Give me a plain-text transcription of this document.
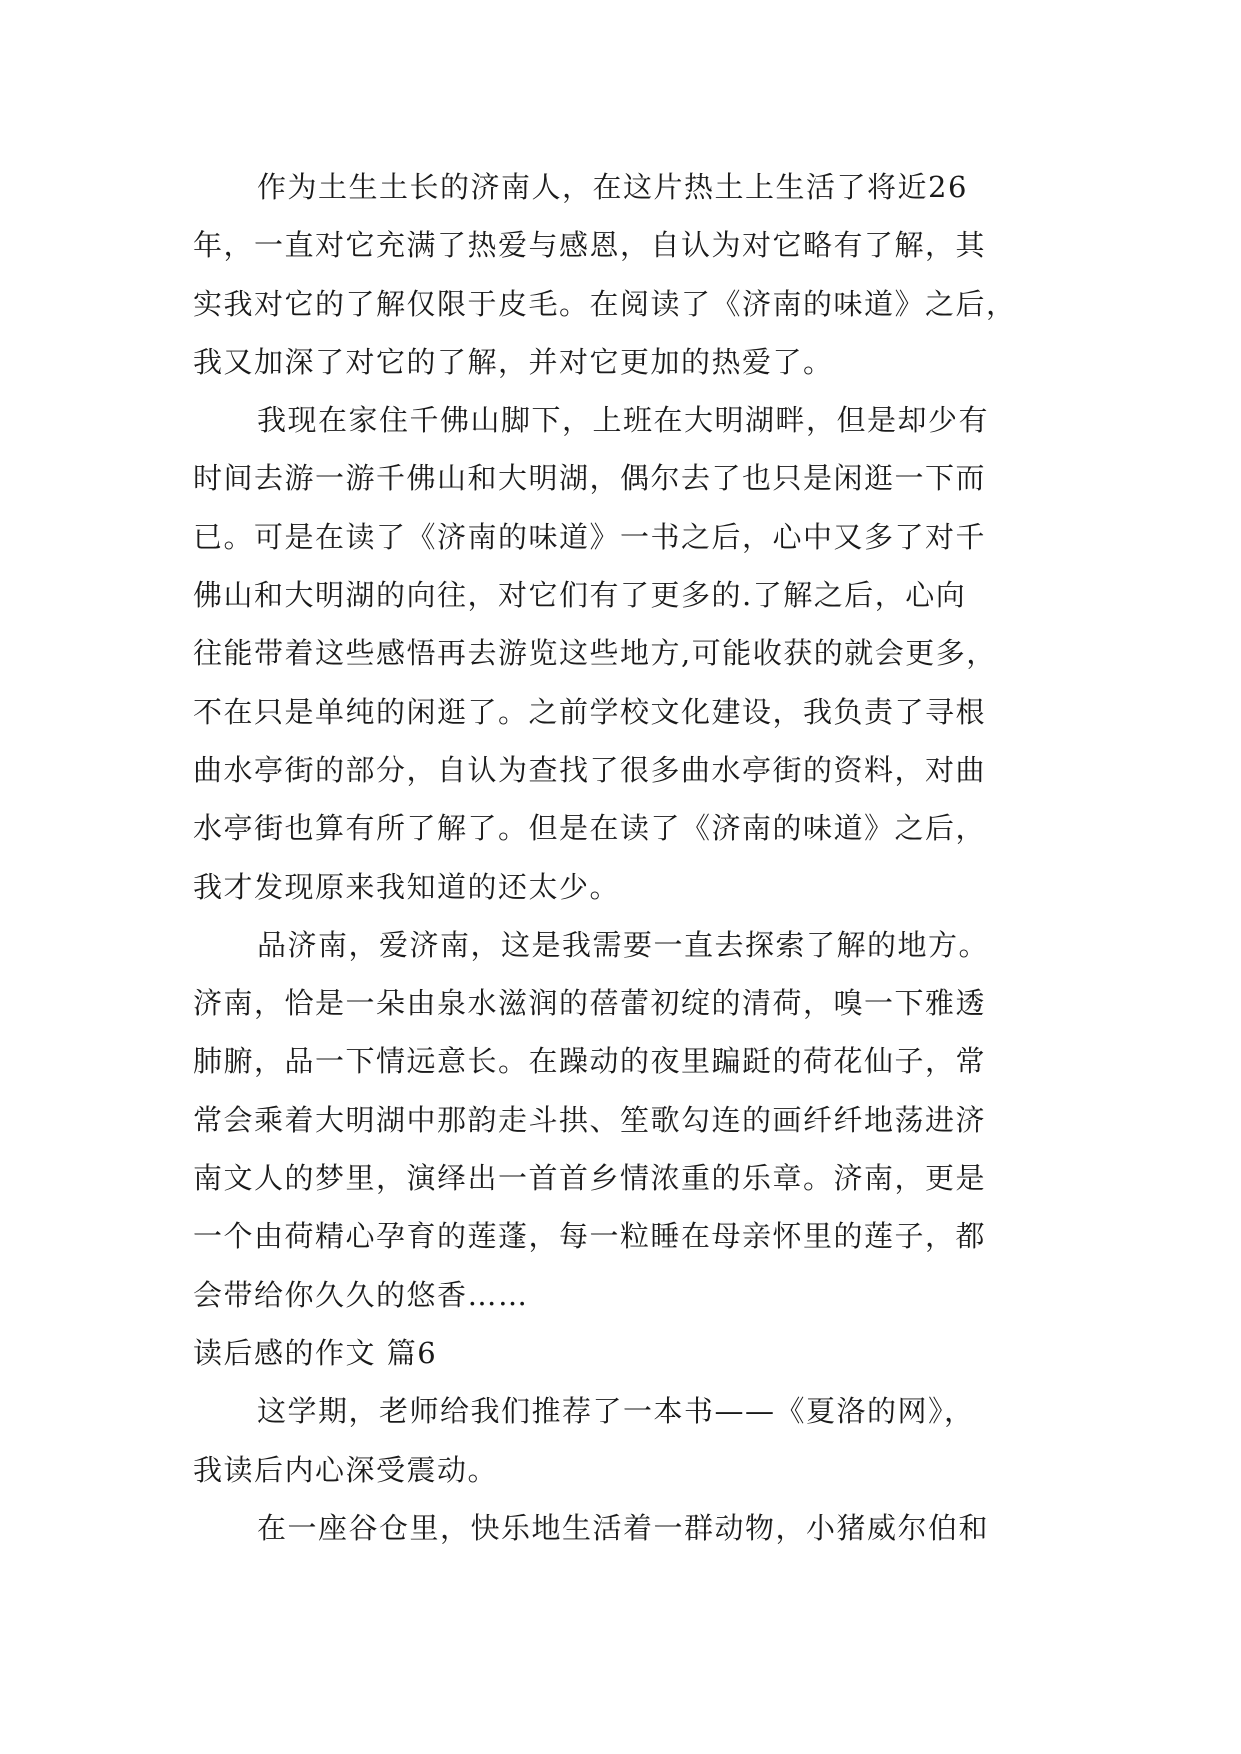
作为土生土长的济南人，在这片热土上生活了将近26
年，一直对它充满了热爱与感恩，自认为对它略有了解，其
实我对它的了解仅限于皮毛。在阅读了《济南的味道》之后，
我又加深了对它的了解，并对它更加的热爱了。
我现在家住千佛山脚下，上班在大明湖畔，但是却少有
时间去游一游千佛山和大明湖，偶尔去了也只是闲逛一下而
已。可是在读了《济南的味道》一书之后，心中又多了对千
佛山和大明湖的向往，对它们有了更多的.了解之后，心向
往能带着这些感悟再去游览这些地方,可能收获的就会更多，
不在只是单纯的闲逛了。之前学校文化建设，我负责了寻根
曲水亭街的部分，自认为查找了很多曲水亭街的资料，对曲
水亭街也算有所了解了。但是在读了《济南的味道》之后，
我才发现原来我知道的还太少。
品济南，爱济南，这是我需要一直去探索了解的地方。
济南，恰是一朵由泉水滋润的蓓蕾初绽的清荷，嗅一下雅透
肺腑，品一下情远意长。在躁动的夜里蹁跹的荷花仙子，常
常会乘着大明湖中那韵走斗拱、笙歌勾连的画纤纤地荡进济
南文人的梦里，演绎出一首首乡情浓重的乐章。济南，更是
一个由荷精心孕育的莲蓬，每一粒睡在母亲怀里的莲子，都
会带给你久久的悠香……
读后感的作文 篇6
这学期，老师给我们推荐了一本书——《夏洛的网》，
我读后内心深受震动。
在一座谷仓里，快乐地生活着一群动物，小猪威尔伯和
